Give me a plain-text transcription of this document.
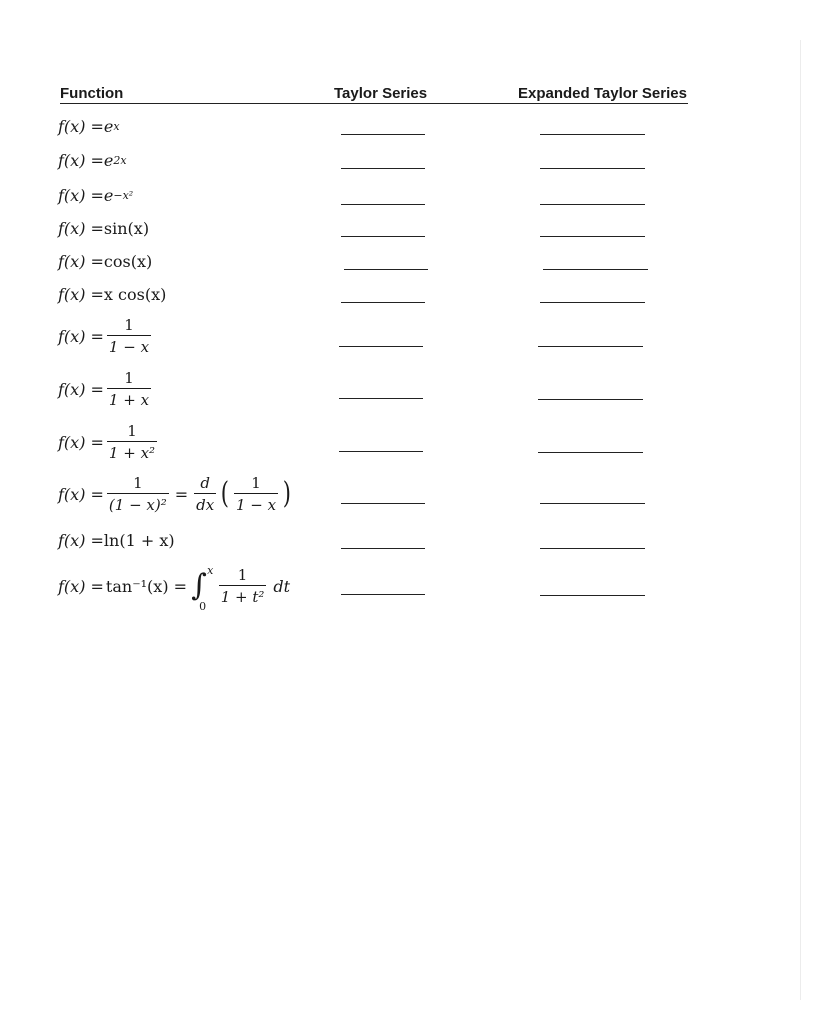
Function	Taylor Series	Expanded Taylor Series
f(x) = e x
f(x) = e 2x
f(x) = e −x²
f(x) = sin(x)
f(x) = cos(x)
f(x) = x cos(x)
$f(x) = \frac{1}{1 - x}$
$f(x) = \frac{1}{1 + x}$
$f(x) = \frac{1}{\text{1 + x²}}$
$f(x) = \frac{1}{\text{(1 − x)²}} = \frac{d}{dx}$ ( $\frac{1}{1 - x}$ )
f(x) = ln(1 + x)
f(x) = tan⁻¹(x) = ∫ x
0
$\frac{1}{\text{1 + t²}}$ dt
